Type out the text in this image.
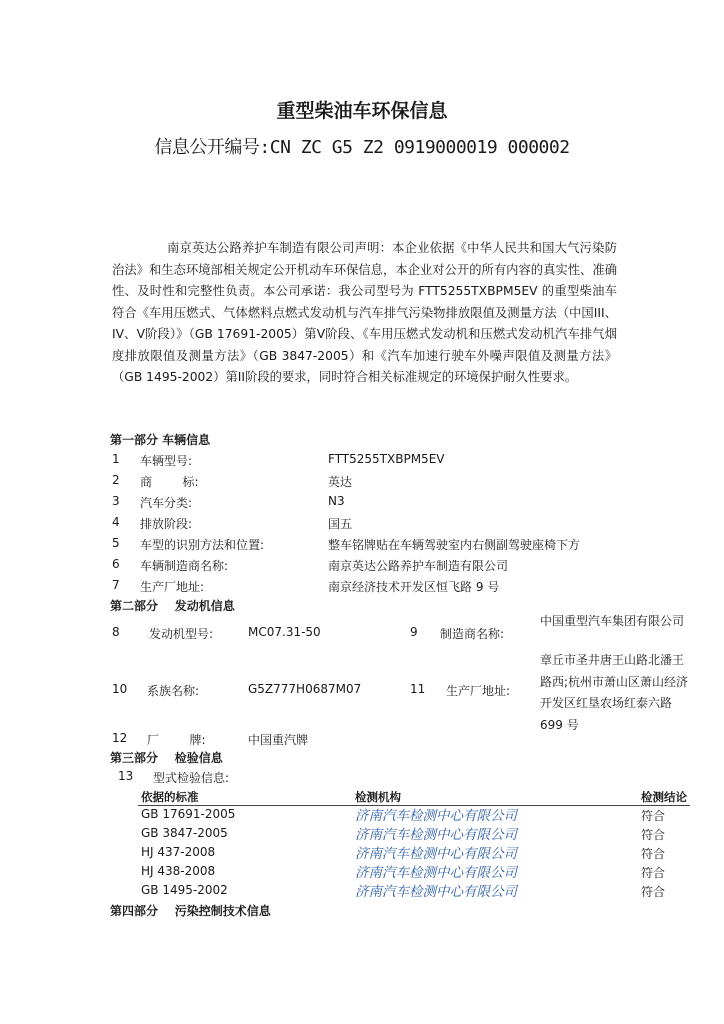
重型柴油车环保信息
信息公开编号:CN ZC G5 Z2 0919000019 000002
南京英达公路养护车制造有限公司声明：本企业依据《中华人民共和国大气污染防治法》和生态环境部相关规定公开机动车环保信息，本企业对公开的所有内容的真实性、准确性、及时性和完整性负责。本公司承诺：我公司型号为 FTT5255TXBPM5EV 的重型柴油车符合《车用压燃式、气体燃料点燃式发动机与汽车排气污染物排放限值及测量方法（中国III、IV、V阶段）》（GB 17691-2005）第V阶段、《车用压燃式发动机和压燃式发动机汽车排气烟度排放限值及测量方法》（GB 3847-2005）和《汽车加速行驶车外噪声限值及测量方法》（GB 1495-2002）第II阶段的要求，同时符合相关标准规定的环境保护耐久性要求。
第一部分 车辆信息
1 车辆型号:	FTT5255TXBPM5EV
2 商        标:	英达
3 汽车分类:	N3
4 排放阶段:	国五
5 车型的识别方法和位置:	整车铭牌贴在车辆驾驶室内右侧副驾驶座椅下方
6 车辆制造商名称:	南京英达公路养护车制造有限公司
7 生产厂地址:	南京经济技术开发区恒飞路 9 号
第二部分    发动机信息
8 发动机型号:	MC07.31-50	9 制造商名称:
中国重型汽车集团有限公司
10 系族名称:	G5Z777H0687M07	11 生产厂地址:
章丘市圣井唐王山路北潘王路西;杭州市萧山区萧山经济开发区红垦农场红泰六路 699 号
12 厂        牌:	中国重汽牌
第三部分    检验信息
13 型式检验信息:
依据的标准	检测机构	检测结论
GB 17691-2005	济南汽车检测中心有限公司	符合
GB 3847-2005	济南汽车检测中心有限公司	符合
HJ 437-2008	济南汽车检测中心有限公司	符合
HJ 438-2008	济南汽车检测中心有限公司	符合
GB 1495-2002	济南汽车检测中心有限公司	符合
第四部分    污染控制技术信息
